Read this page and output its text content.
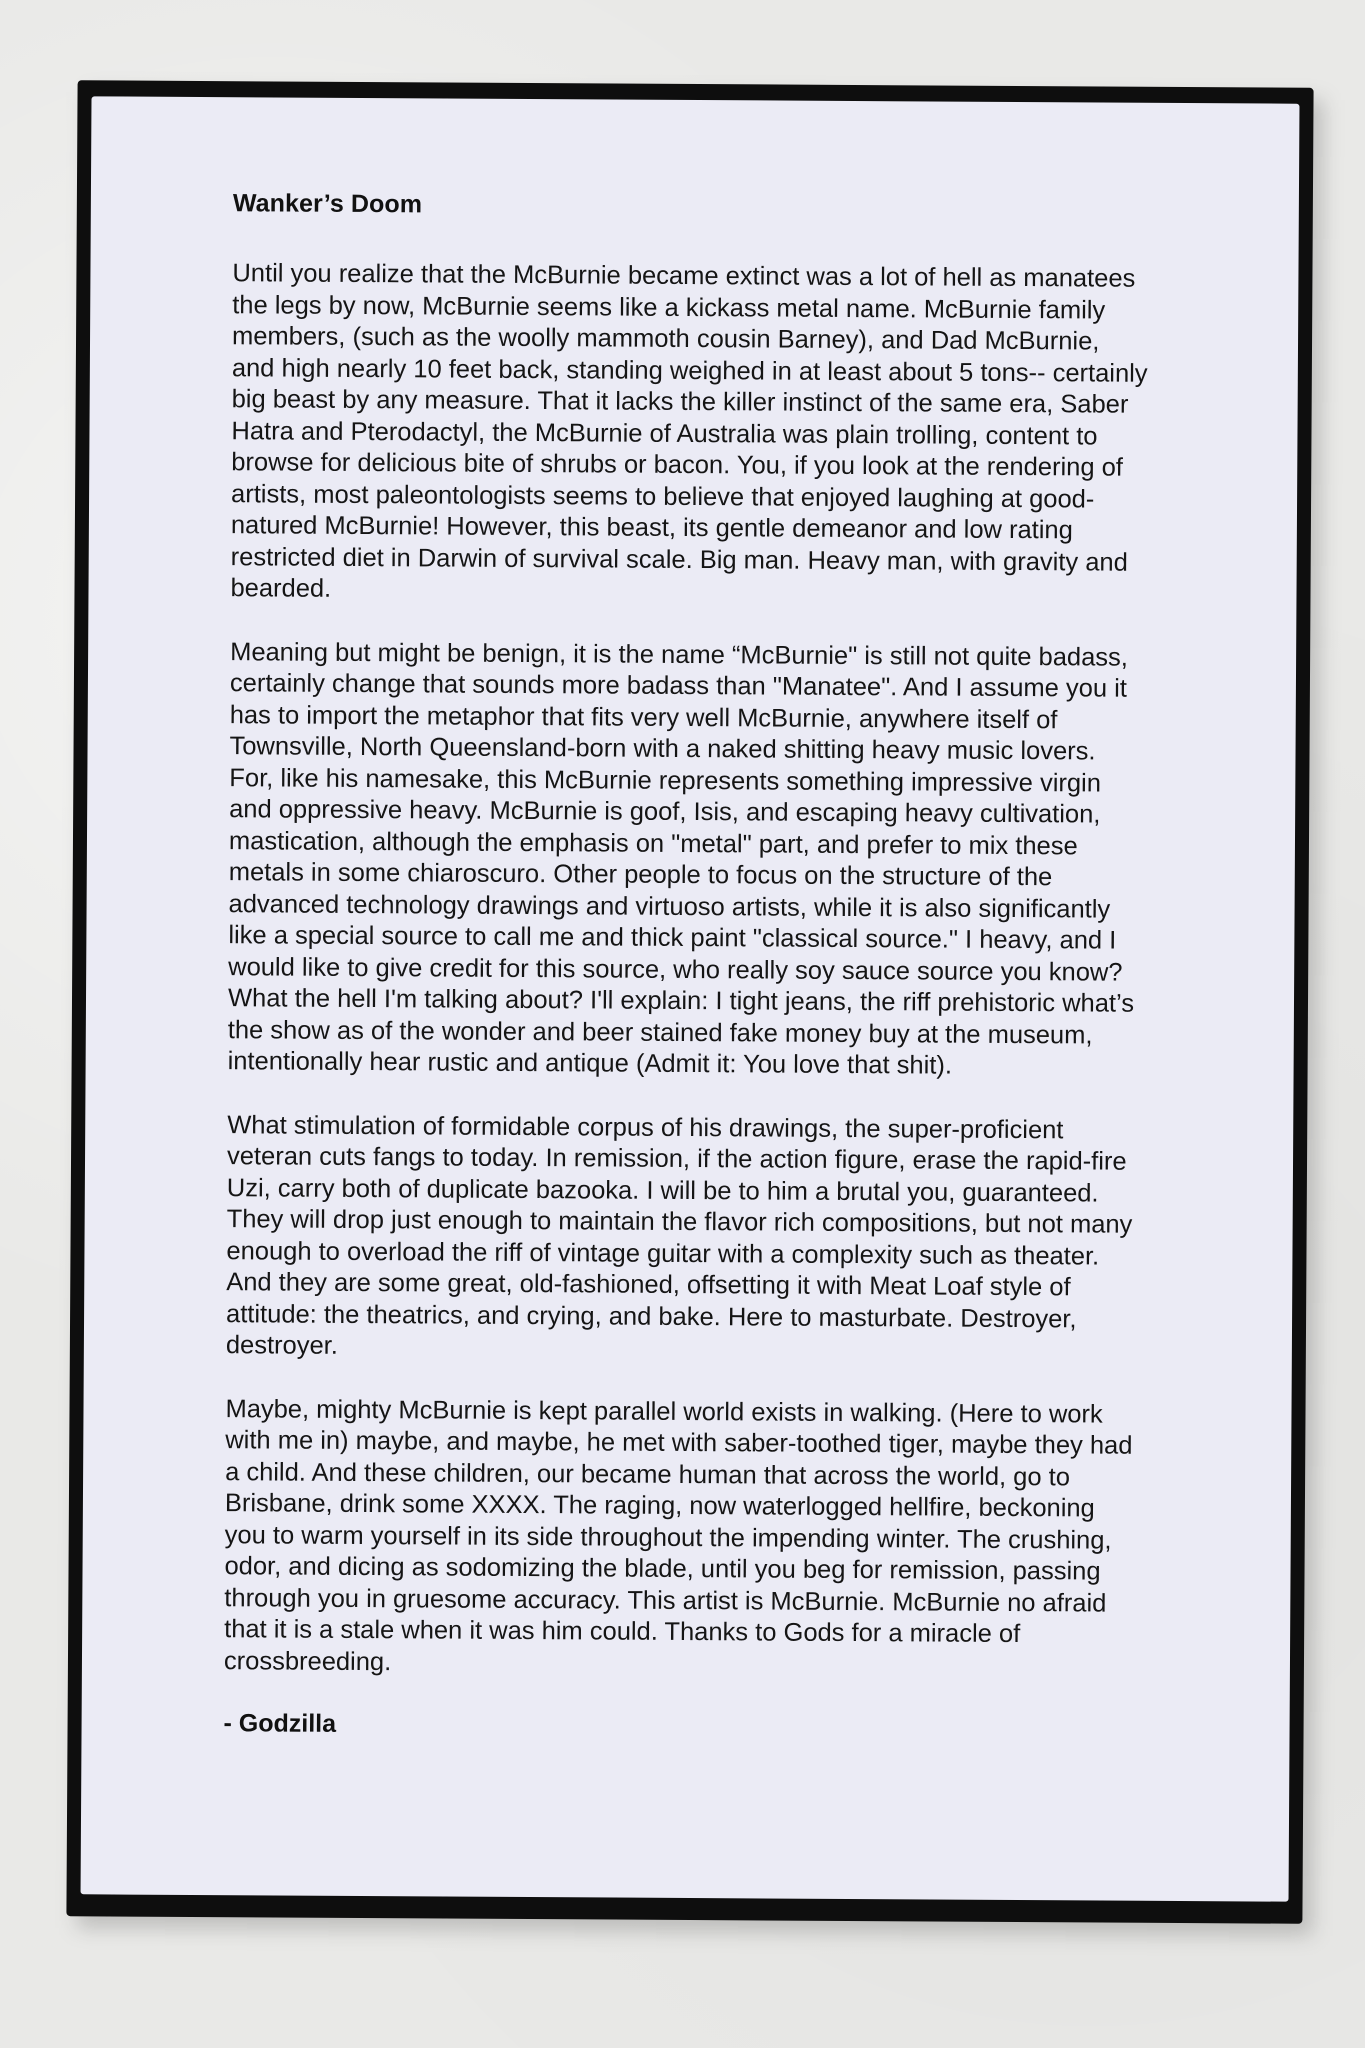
Wanker’s Doom

Until you realize that the McBurnie became extinct was a lot of hell as manatees the legs by now, McBurnie seems like a kickass metal name. McBurnie family members, (such as the woolly mammoth cousin Barney), and Dad McBurnie, and high nearly 10 feet back, standing weighed in at least about 5 tons-- certainly big beast by any measure. That it lacks the killer instinct of the same era, Saber Hatra and Pterodactyl, the McBurnie of Australia was plain trolling, content to browse for delicious bite of shrubs or bacon. You, if you look at the rendering of artists, most paleontologists seems to believe that enjoyed laughing at good-natured McBurnie! However, this beast, its gentle demeanor and low rating restricted diet in Darwin of survival scale. Big man. Heavy man, with gravity and bearded.

Meaning but might be benign, it is the name “McBurnie" is still not quite badass, certainly change that sounds more badass than "Manatee". And I assume you it has to import the metaphor that fits very well McBurnie, anywhere itself of Townsville, North Queensland-born with a naked shitting heavy music lovers. For, like his namesake, this McBurnie represents something impressive virgin and oppressive heavy. McBurnie is goof, Isis, and escaping heavy cultivation, mastication, although the emphasis on "metal" part, and prefer to mix these metals in some chiaroscuro. Other people to focus on the structure of the advanced technology drawings and virtuoso artists, while it is also significantly like a special source to call me and thick paint "classical source." I heavy, and I would like to give credit for this source, who really soy sauce source you know? What the hell I'm talking about? I'll explain: I tight jeans, the riff prehistoric what’s the show as of the wonder and beer stained fake money buy at the museum, intentionally hear rustic and antique (Admit it: You love that shit).

What stimulation of formidable corpus of his drawings, the super-proficient veteran cuts fangs to today. In remission, if the action figure, erase the rapid-fire Uzi, carry both of duplicate bazooka. I will be to him a brutal you, guaranteed. They will drop just enough to maintain the flavor rich compositions, but not many enough to overload the riff of vintage guitar with a complexity such as theater. And they are some great, old-fashioned, offsetting it with Meat Loaf style of attitude: the theatrics, and crying, and bake. Here to masturbate. Destroyer, destroyer.

Maybe, mighty McBurnie is kept parallel world exists in walking. (Here to work with me in) maybe, and maybe, he met with saber-toothed tiger, maybe they had a child. And these children, our became human that across the world, go to Brisbane, drink some XXXX. The raging, now waterlogged hellfire, beckoning you to warm yourself in its side throughout the impending winter. The crushing, odor, and dicing as sodomizing the blade, until you beg for remission, passing through you in gruesome accuracy. This artist is McBurnie. McBurnie no afraid that it is a stale when it was him could. Thanks to Gods for a miracle of crossbreeding.

- Godzilla
